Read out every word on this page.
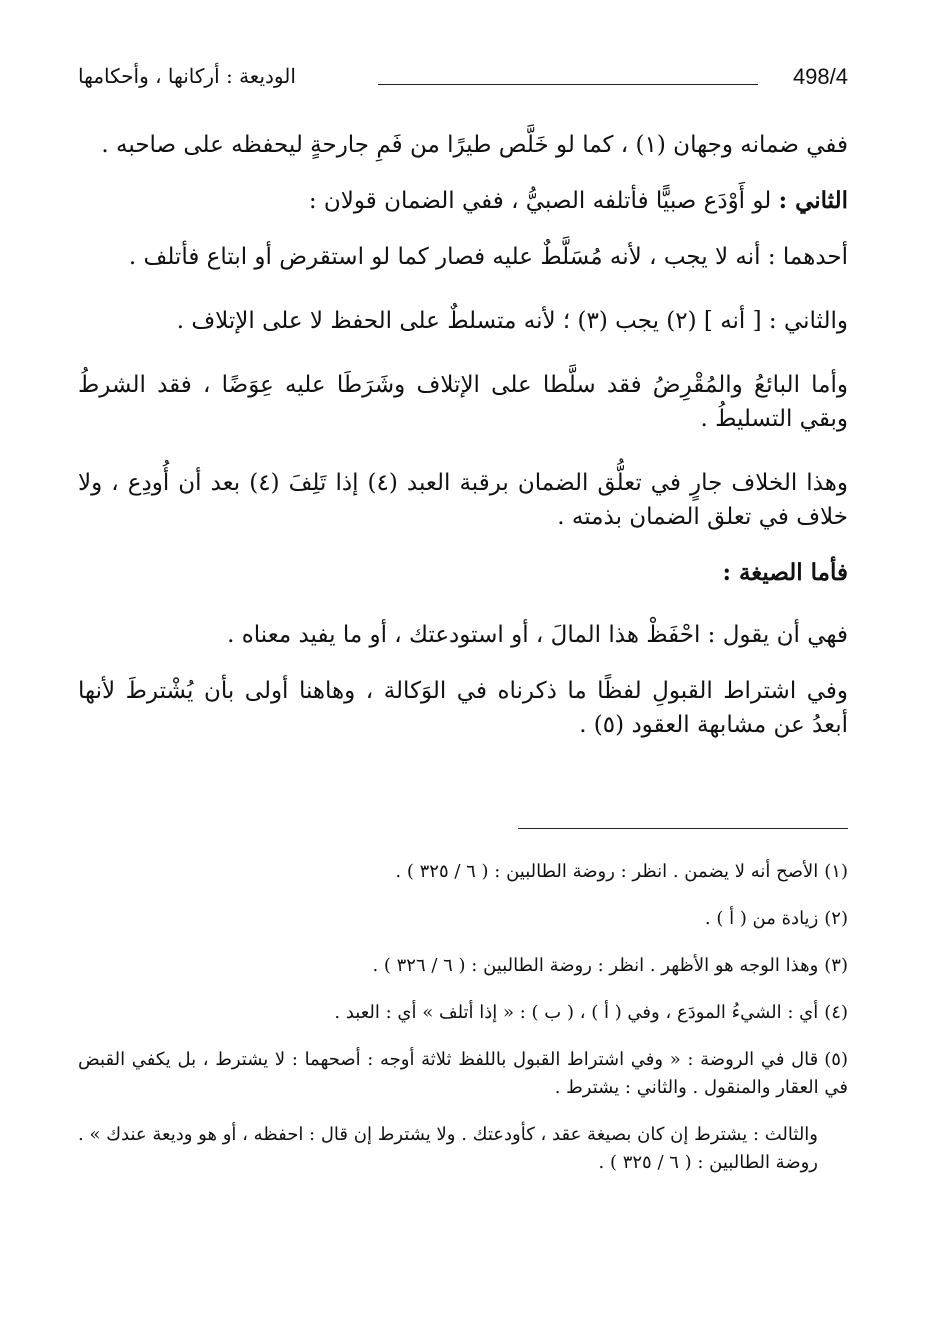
498/4
الوديعة : أركانها ، وأحكامها

ففي ضمانه وجهان (١) ، كما لو خَلَّص طيرًا من فَمِ جارحةٍ ليحفظه على صاحبه .

الثاني : لو أَوْدَع صبيًّا فأتلفه الصبيُّ ، ففي الضمان قولان :

أحدهما : أنه لا يجب ، لأنه مُسَلَّطٌ عليه فصار كما لو استقرض أو ابتاع فأتلف .

والثاني : [ أنه ] (٢) يجب (٣) ؛ لأنه متسلطٌ على الحفظ لا على الإتلاف .

وأما البائعُ والمُقْرِضُ فقد سلَّطا على الإتلاف وشَرَطَا عليه عِوَضًا ، فقد الشرطُ وبقي التسليطُ .

وهذا الخلاف جارٍ في تعلُّق الضمان برقبة العبد (٤) إذا تَلِفَ (٤) بعد أن أُودِع ، ولا خلاف في تعلق الضمان بذمته .

فأما الصيغة :

فهي أن يقول : احْفَظْ هذا المالَ ، أو استودعتك ، أو ما يفيد معناه .

وفي اشتراط القبولِ لفظًا ما ذكرناه في الوَكالة ، وهاهنا أولى بأن يُشْترطَ لأنها أبعدُ عن مشابهة العقود (٥) .

(١)الأصح أنه لا يضمن . انظر : روضة الطالبين : ( ٦ / ٣٢٥ ) .

(٢)زيادة من ( أ ) .

(٣)وهذا الوجه هو الأظهر . انظر : روضة الطالبين : ( ٦ / ٣٢٦ ) .

(٤)أي : الشيءُ المودَع ، وفي ( أ ) ، ( ب ) : « إذا أتلف » أي : العبد .

(٥)قال في الروضة : « وفي اشتراط القبول باللفظ ثلاثة أوجه : أصحهما : لا يشترط ، بل يكفي القبض في العقار والمنقول . والثاني : يشترط .

والثالث : يشترط إن كان بصيغة عقد ، كأودعتك . ولا يشترط إن قال : احفظه ، أو هو وديعة عندك » . روضة الطالبين : ( ٦ / ٣٢٥ ) .
